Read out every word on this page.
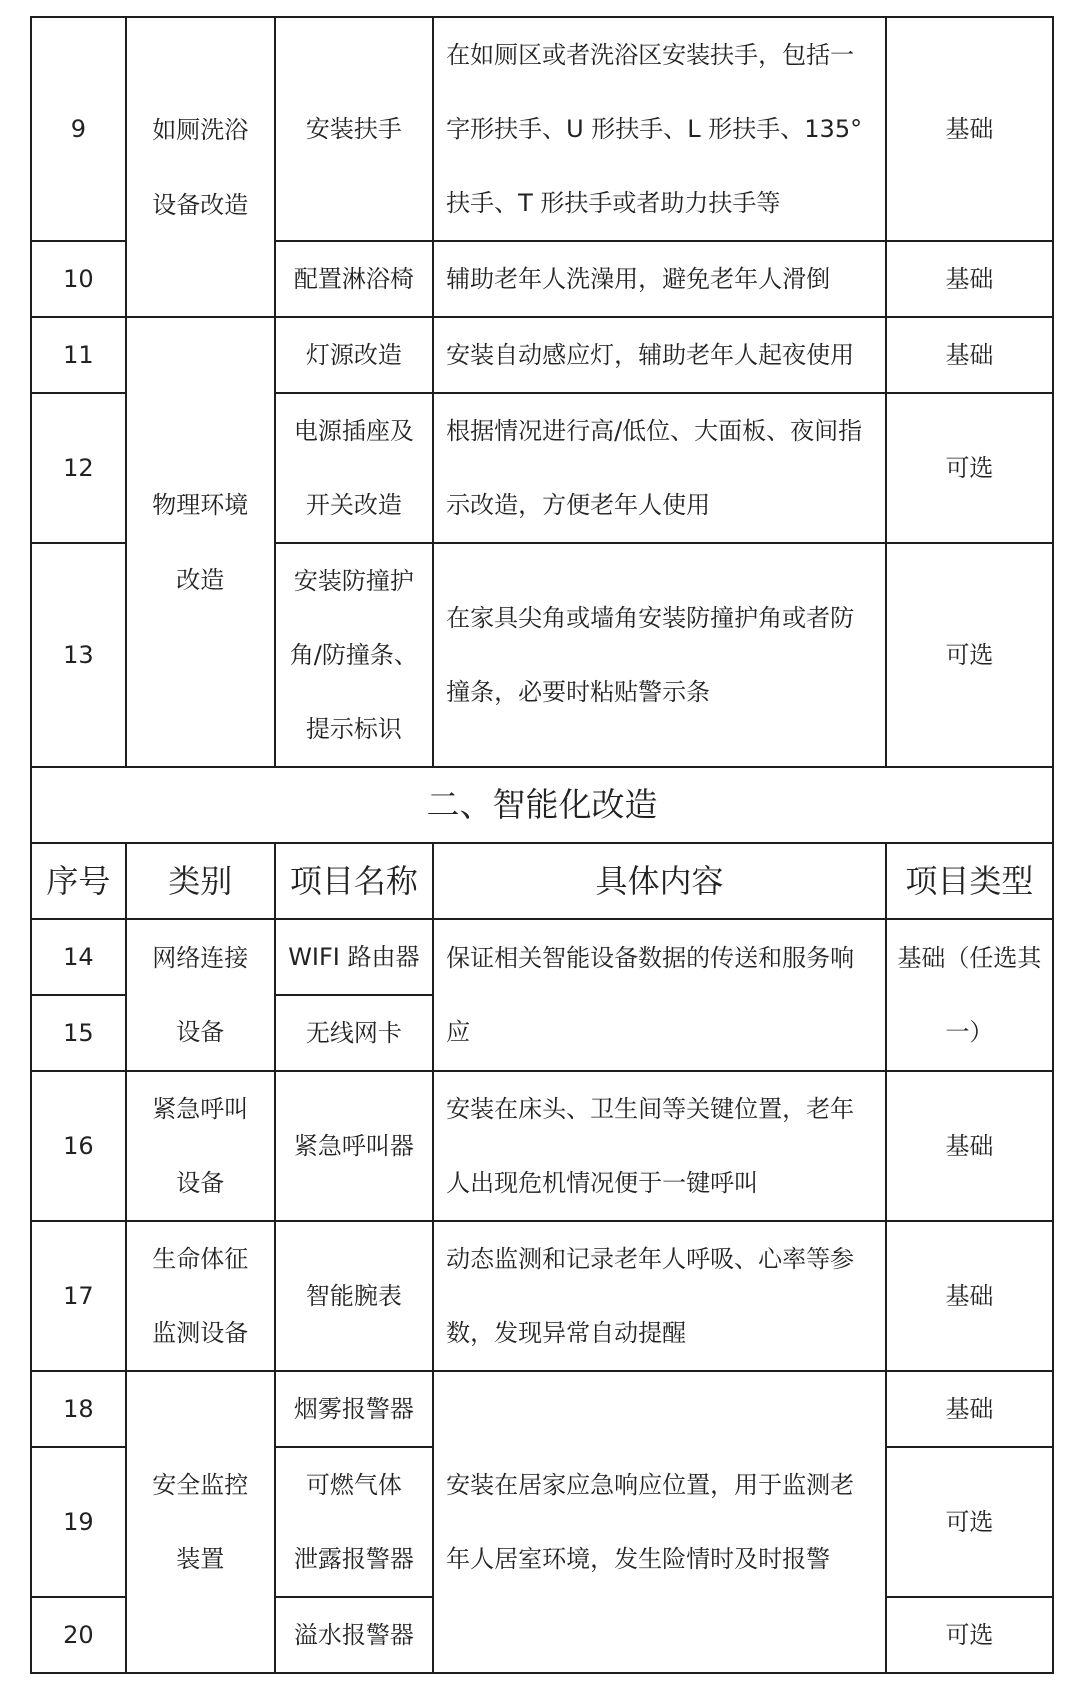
9	如厕洗浴
设备改造	安装扶手	在如厕区或者洗浴区安装扶手，包括一
字形扶手、U 形扶手、L 形扶手、135°
扶手、T 形扶手或者助力扶手等	基础
10		配置淋浴椅	辅助老年人洗澡用，避免老年人滑倒	基础
11	物理环境
改造	灯源改造	安装自动感应灯，辅助老年人起夜使用	基础
12		电源插座及
开关改造	根据情况进行高/低位、大面板、夜间指
示改造，方便老年人使用	可选
13		安装防撞护
角/防撞条、
提示标识	在家具尖角或墙角安装防撞护角或者防
撞条，必要时粘贴警示条	可选
二、智能化改造				
序号	类别	项目名称	具体内容	项目类型
14	网络连接
设备	WIFI 路由器	保证相关智能设备数据的传送和服务响
应	基础（任选其
一）
15		无线网卡		
16	紧急呼叫
设备	紧急呼叫器	安装在床头、卫生间等关键位置，老年
人出现危机情况便于一键呼叫	基础
17	生命体征
监测设备	智能腕表	动态监测和记录老年人呼吸、心率等参
数，发现异常自动提醒	基础
18	安全监控
装置	烟雾报警器	安装在居家应急响应位置，用于监测老
年人居室环境，发生险情时及时报警	基础
19		可燃气体
泄露报警器		可选
20		溢水报警器		可选
